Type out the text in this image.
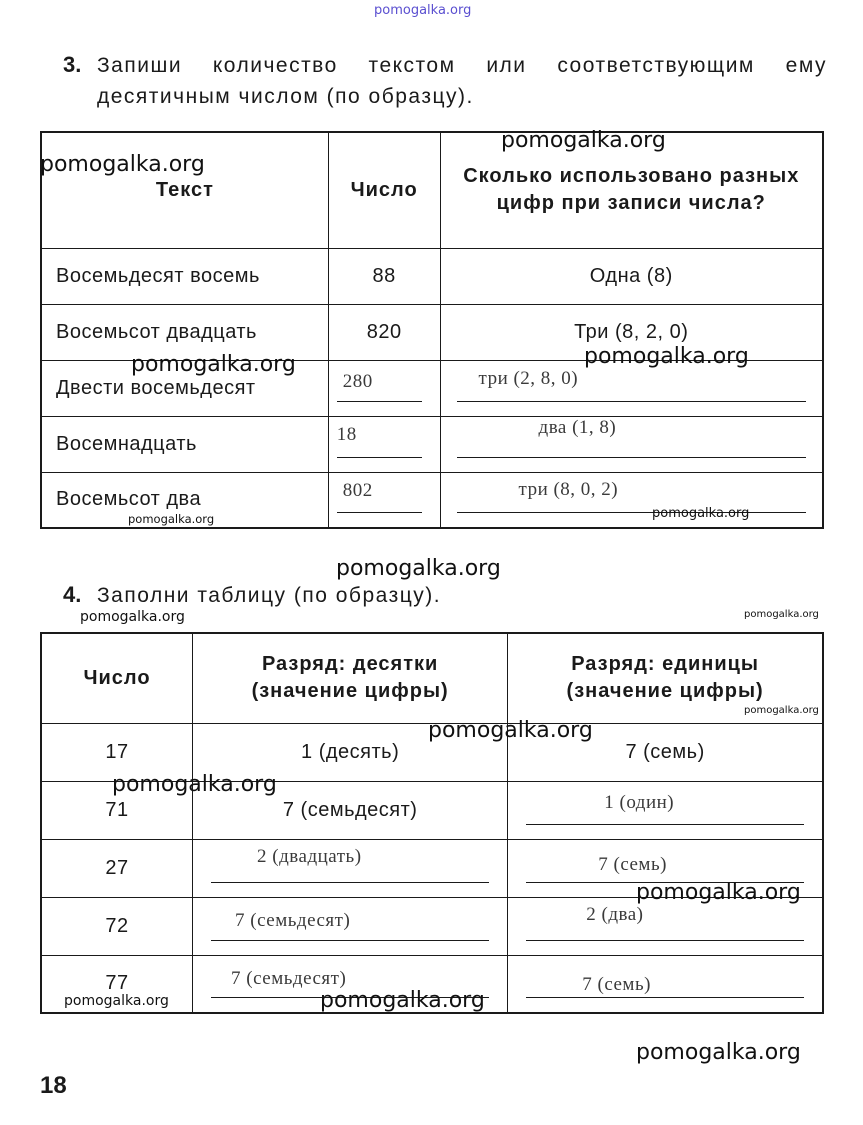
pomogalka.org
3. Запиши количество текстом или соответствующим ему
десятичным числом (по образцу).
Текст	Число	Сколько использовано разных цифр при записи числа?
Восемьдесят восемь	88	Одна (8)
Восемьсот двадцать	820	Три (8, 2, 0)
Двести восемьдесят	280	три (2, 8, 0)

Восемнадцать	18	два (1, 8)

Восемьсот два	802	три (8, 0, 2)
4. Заполни таблицу (по образцу).
Число	Разряд: десятки (значение цифры)	Разряд: единицы (значение цифры)
17	1 (десять)	7 (семь)
71	7 (семьдесят)	1 (один)

27	2 (двадцать)	7 (семь)

72	7 (семьдесят)	2 (два)

77	7 (семьдесят)	7 (семь)
18
pomogalka.org
pomogalka.org
pomogalka.org	pomogalka.org
pomogalka.org	pomogalka.org
pomogalka.org
pomogalka.org	pomogalka.org
pomogalka.org
pomogalka.org
pomogalka.org
pomogalka.org
pomogalka.org	pomogalka.org
pomogalka.org
